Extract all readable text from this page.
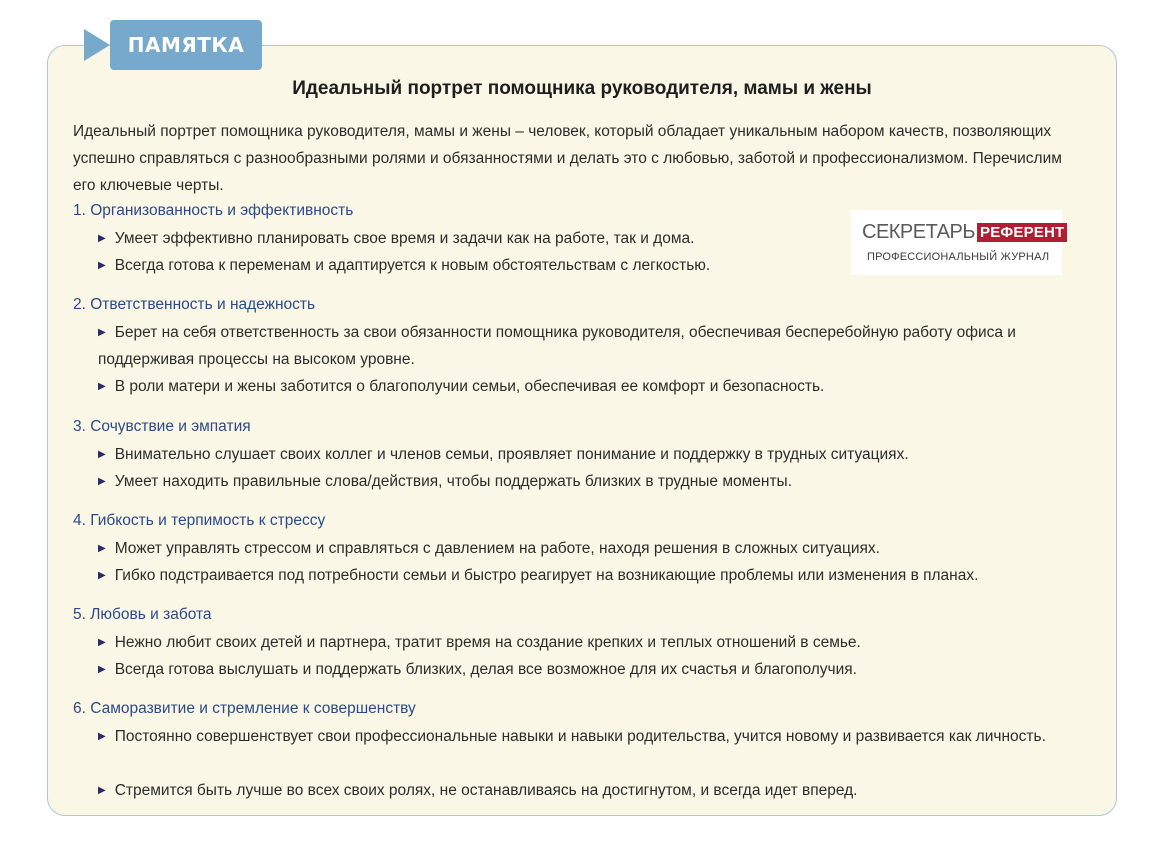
ПАМЯТКА
Идеальный портрет помощника руководителя, мамы и жены

Идеальный портрет помощника руководителя, мамы и жены – человек, который обладает уникальным набором качеств, позволяющих успешно справляться с разнообразными ролями и обязанностями и делать это с любовью, заботой и профессионализмом. Перечислим его ключевые черты.

СЕКРЕТАРЬ РЕФЕРЕНТ
ПРОФЕССИОНАЛЬНЫЙ ЖУРНАЛ

1. Организованность и эффективность

▶ Умеет эффективно планировать свое время и задачи как на работе, так и дома.

▶ Всегда готова к переменам и адаптируется к новым обстоятельствам с легкостью.

2. Ответственность и надежность

▶ Берет на себя ответственность за свои обязанности помощника руководителя, обеспечивая бесперебойную работу офиса и поддерживая процессы на высоком уровне.

▶ В роли матери и жены заботится о благополучии семьи, обеспечивая ее комфорт и безопасность.

3. Сочувствие и эмпатия

▶ Внимательно слушает своих коллег и членов семьи, проявляет понимание и поддержку в трудных ситуациях.

▶ Умеет находить правильные слова/действия, чтобы поддержать близких в трудные моменты.

4. Гибкость и терпимость к стрессу

▶ Может управлять стрессом и справляться с давлением на работе, находя решения в сложных ситуациях.

▶ Гибко подстраивается под потребности семьи и быстро реагирует на возникающие проблемы или изменения в планах.

5. Любовь и забота

▶ Нежно любит своих детей и партнера, тратит время на создание крепких и теплых отношений в семье.

▶ Всегда готова выслушать и поддержать близких, делая все возможное для их счастья и благополучия.

6. Саморазвитие и стремление к совершенству

▶ Постоянно совершенствует свои профессиональные навыки и навыки родительства, учится новому и развивается как личность.

▶ Стремится быть лучше во всех своих ролях, не останавливаясь на достигнутом, и всегда идет вперед.
